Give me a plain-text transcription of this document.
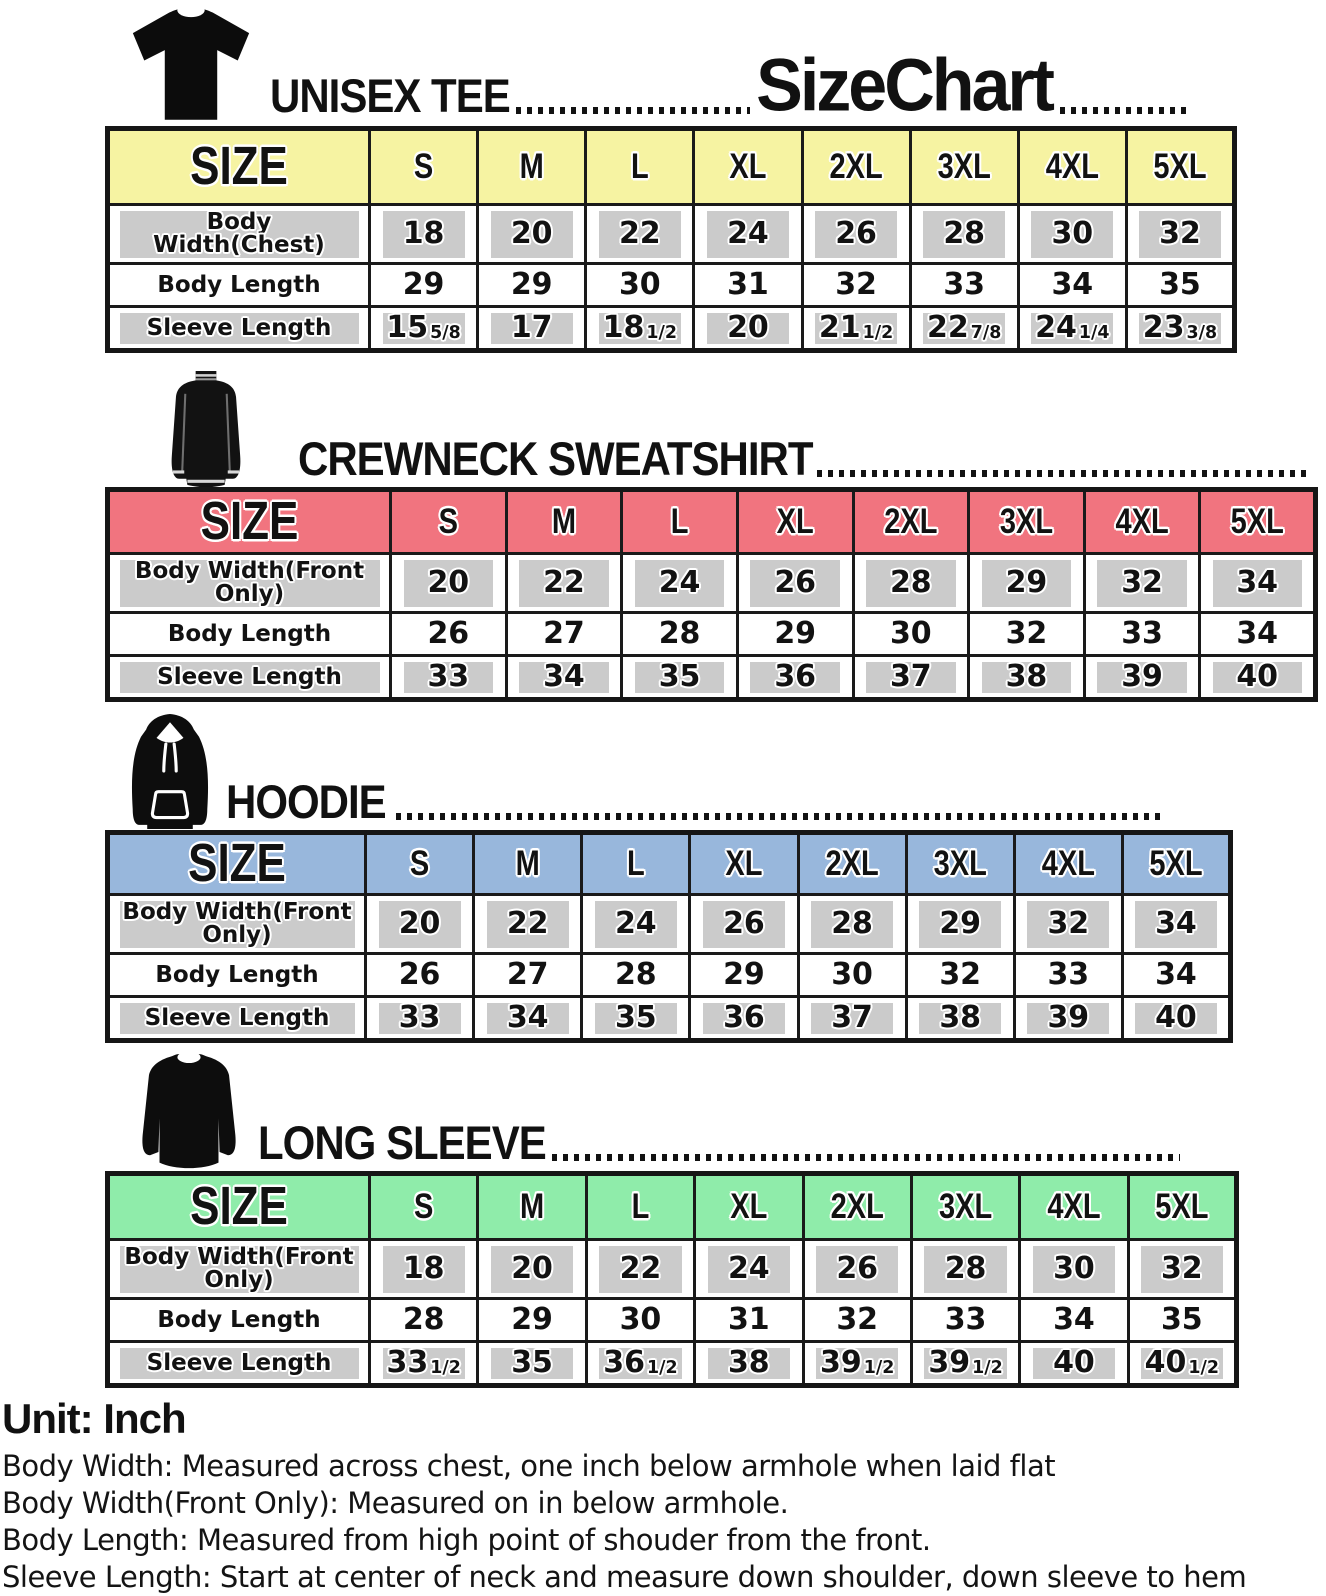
UNISEX TEE	SizeChart
SIZE	S	M	L	XL	2XL	3XL	4XL	5XL
Body Width(Chest)	18	20	22	24	26	28	30	32
Body Length	29	29	30	31	32	33	34	35
Sleeve Length	15 5/8	17	18 1/2	20	21 1/2	22 7/8	24 1/4	23 3/8
CREWNECK SWEATSHIRT
SIZE	S	M	L	XL	2XL	3XL	4XL	5XL
Body Width(Front Only)	20	22	24	26	28	29	32	34
Body Length	26	27	28	29	30	32	33	34
Sleeve Length	33	34	35	36	37	38	39	40
HOODIE
SIZE	S	M	L	XL	2XL	3XL	4XL	5XL
Body Width(Front Only)	20	22	24	26	28	29	32	34
Body Length	26	27	28	29	30	32	33	34
Sleeve Length	33	34	35	36	37	38	39	40
LONG SLEEVE
SIZE	S	M	L	XL	2XL	3XL	4XL	5XL
Body Width(Front Only)	18	20	22	24	26	28	30	32
Body Length	28	29	30	31	32	33	34	35
Sleeve Length	33 1/2	35	36 1/2	38	39 1/2	39 1/2	40	40 1/2
Unit: Inch

Body Width: Measured across chest, one inch below armhole when laid flat

Body Width(Front Only): Measured on in below armhole.

Body Length: Measured from high point of shouder from the front.

Sleeve Length: Start at center of neck and measure down shoulder, down sleeve to hem
